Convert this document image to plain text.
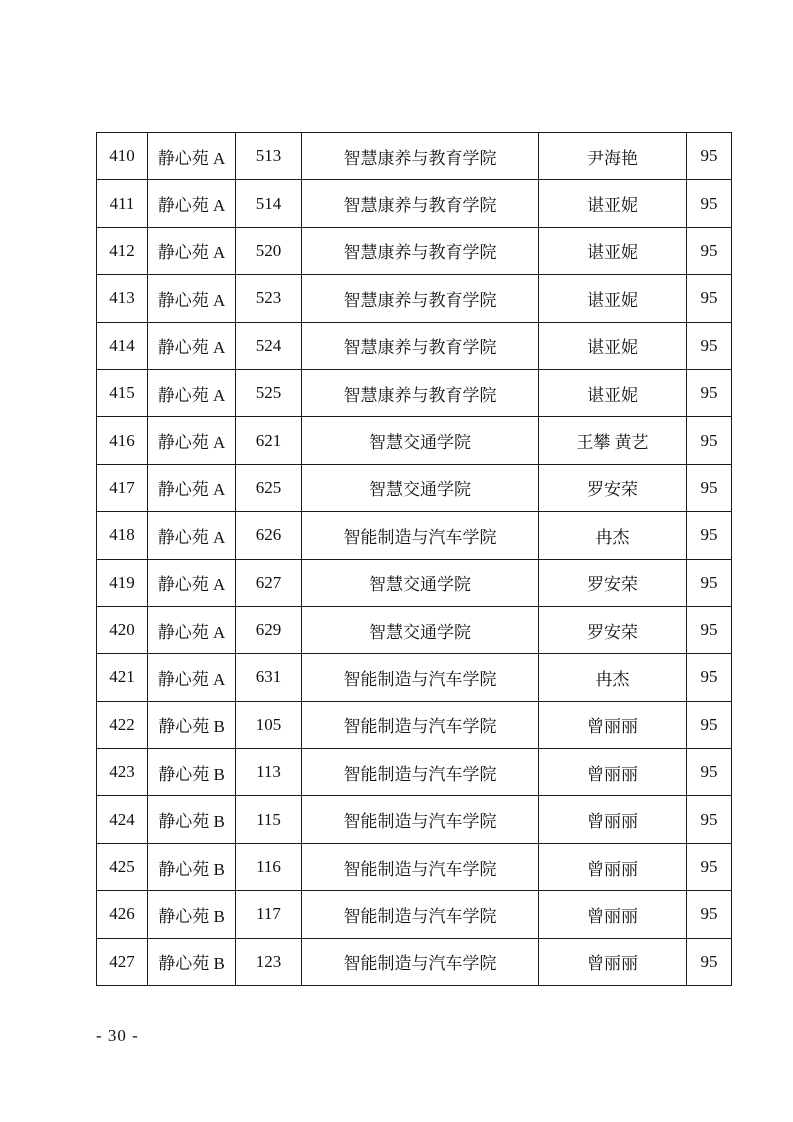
410	静心苑 A	513	智慧康养与教育学院	尹海艳	95
411	静心苑 A	514	智慧康养与教育学院	谌亚妮	95
412	静心苑 A	520	智慧康养与教育学院	谌亚妮	95
413	静心苑 A	523	智慧康养与教育学院	谌亚妮	95
414	静心苑 A	524	智慧康养与教育学院	谌亚妮	95
415	静心苑 A	525	智慧康养与教育学院	谌亚妮	95
416	静心苑 A	621	智慧交通学院	王攀 黄艺	95
417	静心苑 A	625	智慧交通学院	罗安荣	95
418	静心苑 A	626	智能制造与汽车学院	冉杰	95
419	静心苑 A	627	智慧交通学院	罗安荣	95
420	静心苑 A	629	智慧交通学院	罗安荣	95
421	静心苑 A	631	智能制造与汽车学院	冉杰	95
422	静心苑 B	105	智能制造与汽车学院	曾丽丽	95
423	静心苑 B	113	智能制造与汽车学院	曾丽丽	95
424	静心苑 B	115	智能制造与汽车学院	曾丽丽	95
425	静心苑 B	116	智能制造与汽车学院	曾丽丽	95
426	静心苑 B	117	智能制造与汽车学院	曾丽丽	95
427	静心苑 B	123	智能制造与汽车学院	曾丽丽	95
- 30 -
